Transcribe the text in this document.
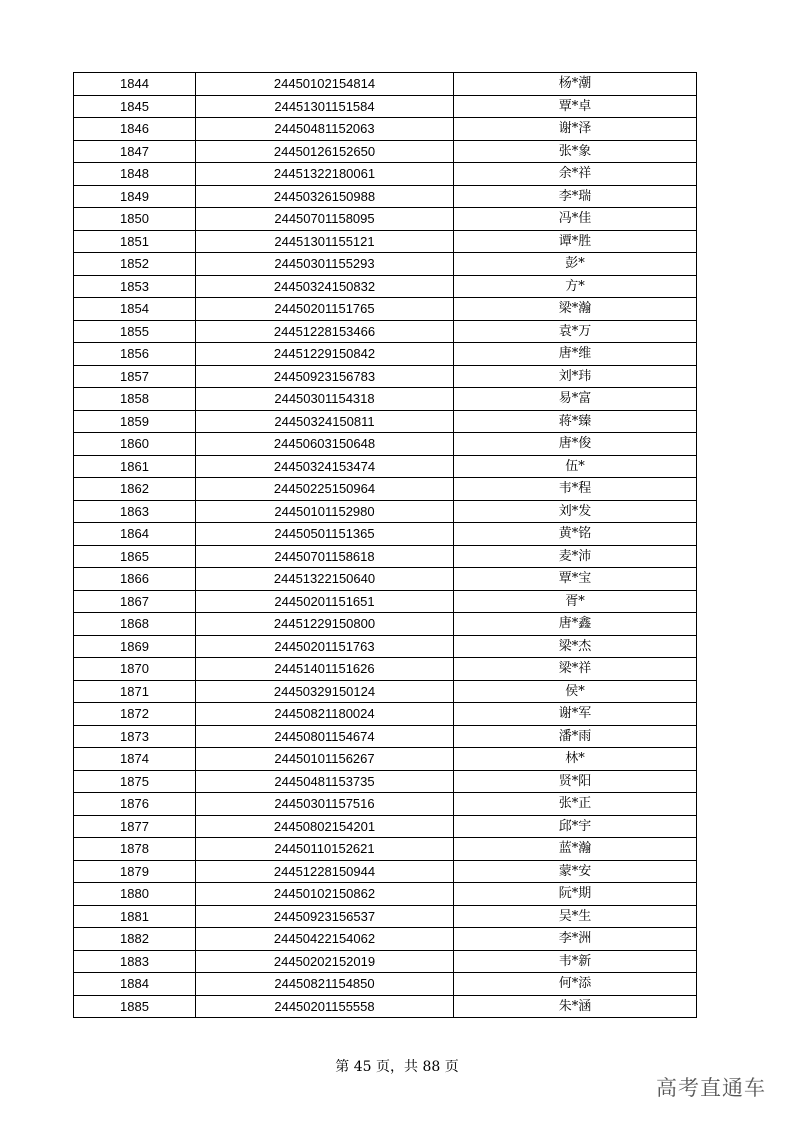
1844	24450102154814	杨*潮
1845	24451301151584	覃*卓
1846	24450481152063	谢*泽
1847	24450126152650	张*象
1848	24451322180061	余*祥
1849	24450326150988	李*瑞
1850	24450701158095	冯*佳
1851	24451301155121	谭*胜
1852	24450301155293	彭*
1853	24450324150832	方*
1854	24450201151765	梁*瀚
1855	24451228153466	袁*万
1856	24451229150842	唐*维
1857	24450923156783	刘*玮
1858	24450301154318	易*富
1859	24450324150811	蒋*臻
1860	24450603150648	唐*俊
1861	24450324153474	伍*
1862	24450225150964	韦*程
1863	24450101152980	刘*发
1864	24450501151365	黄*铭
1865	24450701158618	麦*沛
1866	24451322150640	覃*宝
1867	24450201151651	胥*
1868	24451229150800	唐*鑫
1869	24450201151763	梁*杰
1870	24451401151626	梁*祥
1871	24450329150124	侯*
1872	24450821180024	谢*军
1873	24450801154674	潘*雨
1874	24450101156267	林*
1875	24450481153735	贤*阳
1876	24450301157516	张*正
1877	24450802154201	邱*宇
1878	24450110152621	蓝*瀚
1879	24451228150944	蒙*安
1880	24450102150862	阮*期
1881	24450923156537	吴*生
1882	24450422154062	李*洲
1883	24450202152019	韦*新
1884	24450821154850	何*添
1885	24450201155558	朱*涵
第 45 页，共 88 页
高考直通车
